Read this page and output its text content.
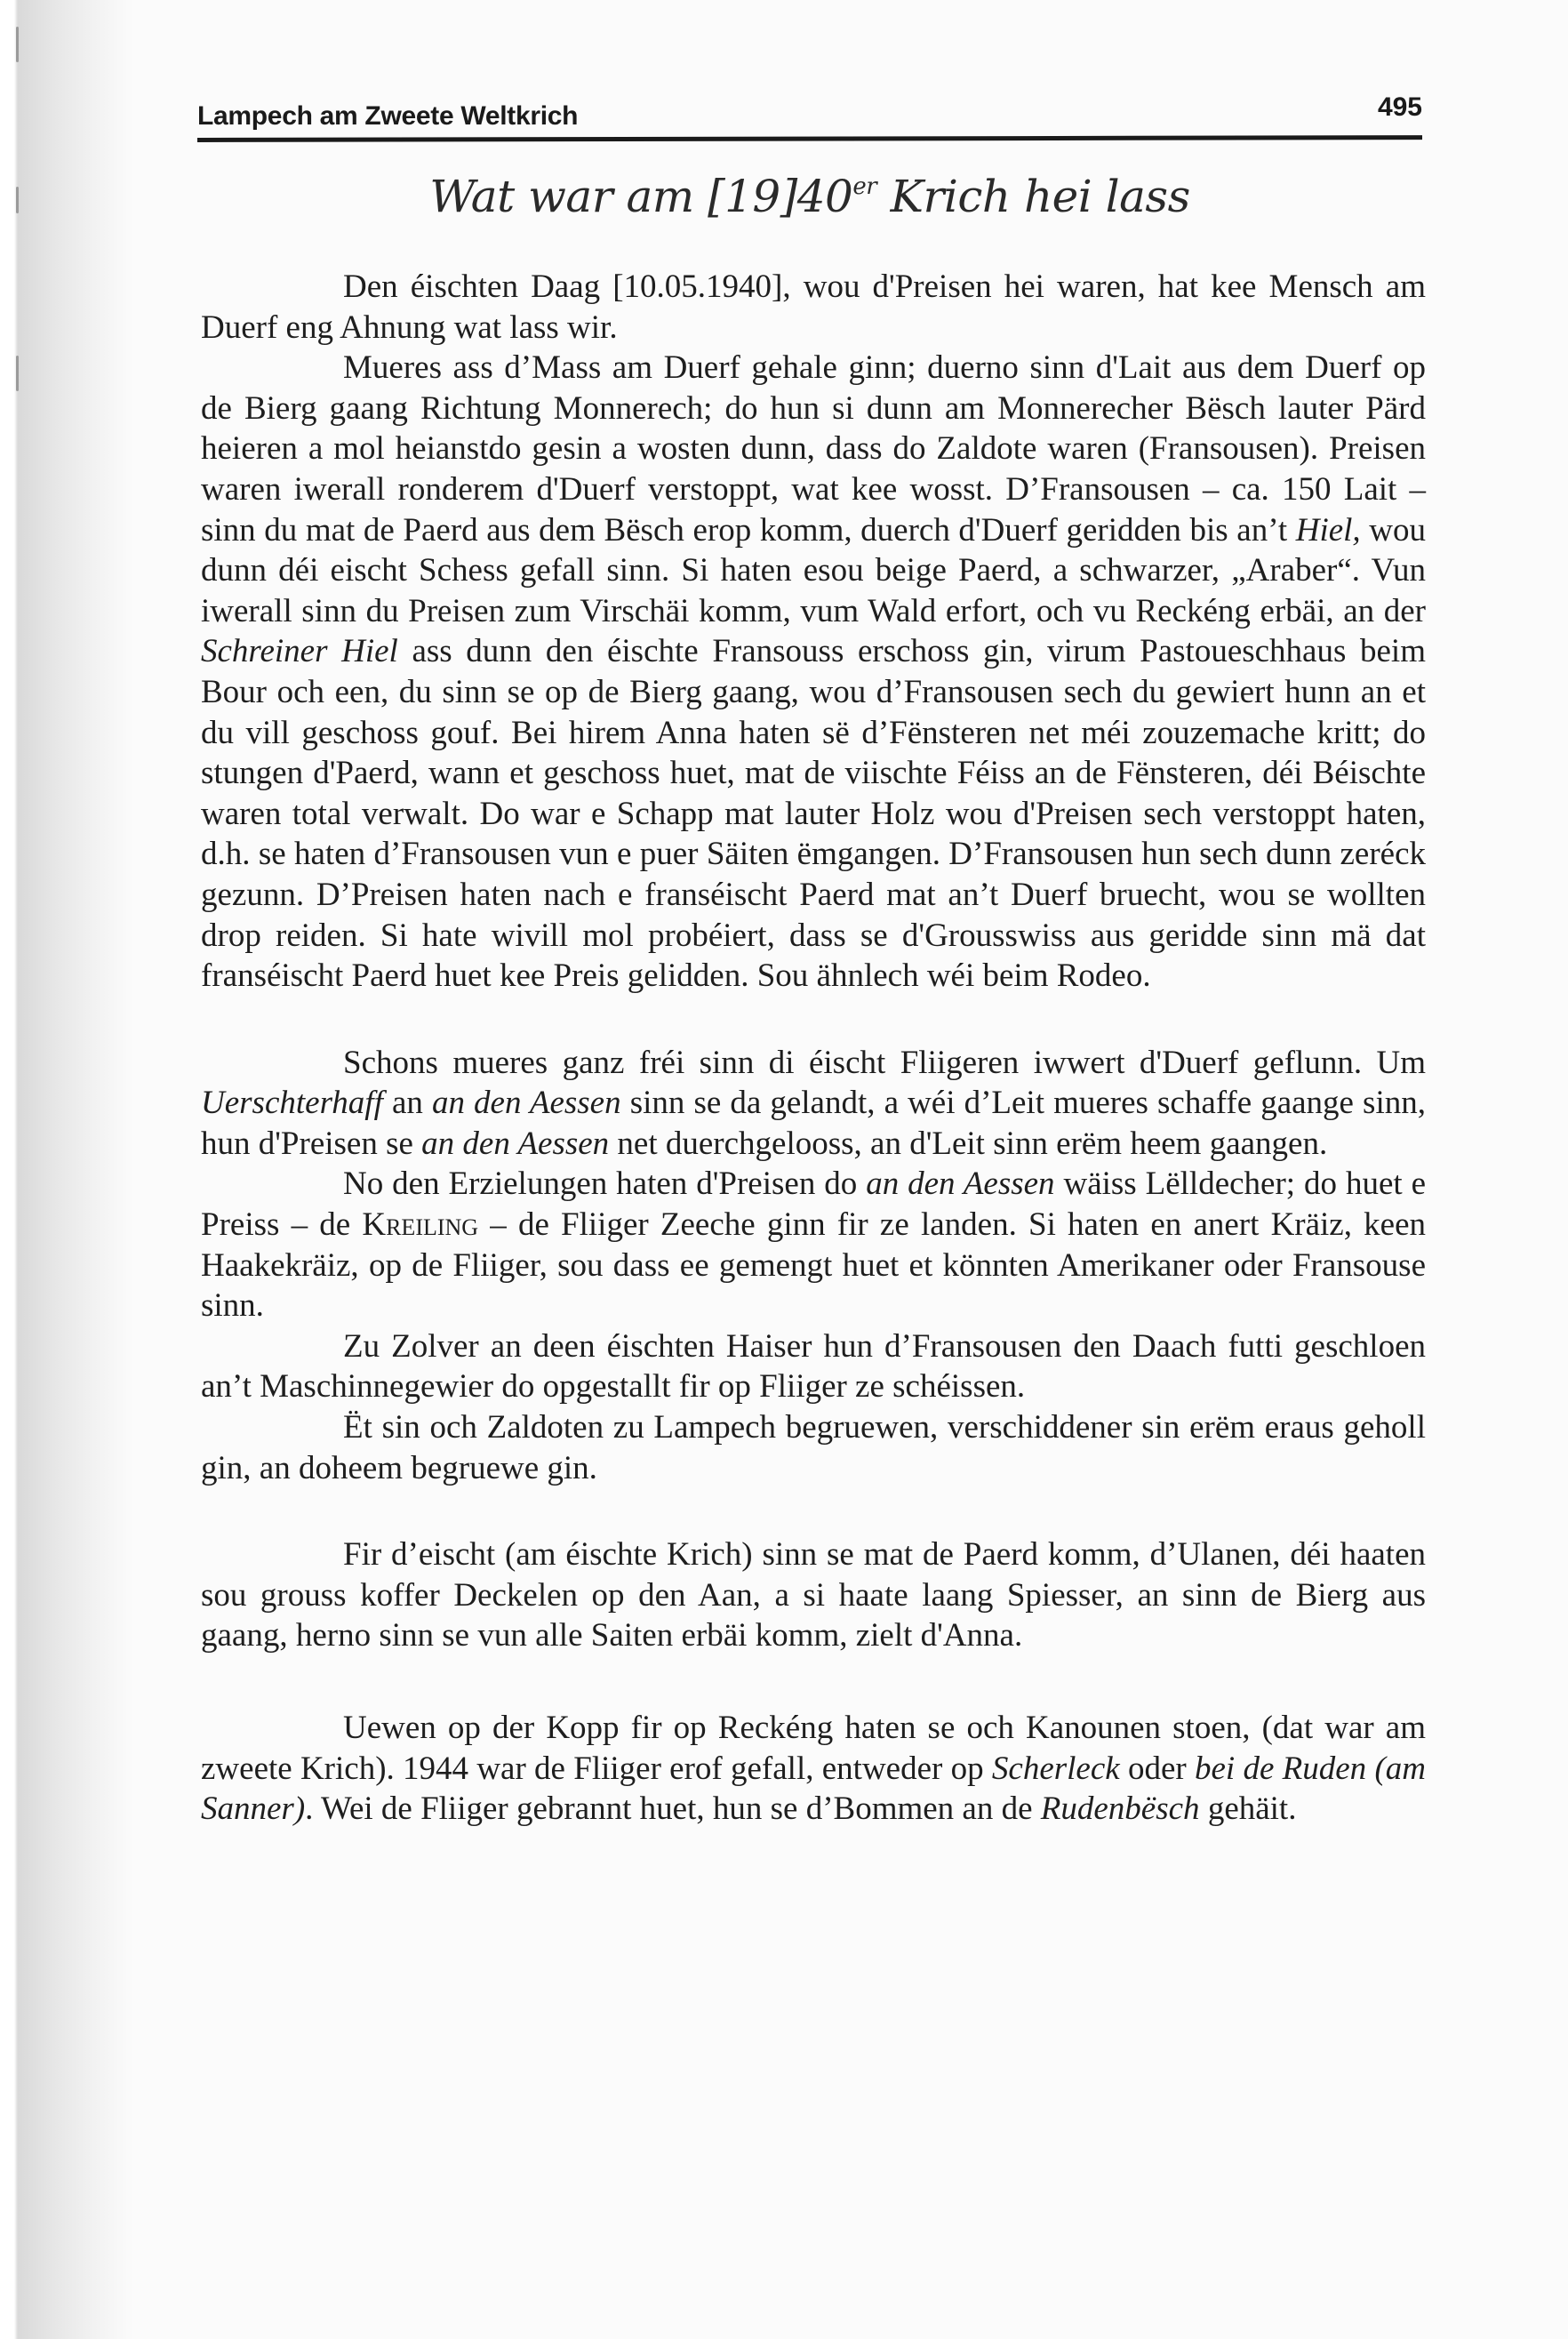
Lampech am Zweete Weltkrich	495
Wat war am [19]40er Krich hei lass

Den éischten Daag [10.05.1940], wou d'Preisen hei waren, hat kee Mensch am Duerf eng Ahnung wat lass wir.

Mueres ass d’Mass am Duerf gehale ginn; duerno sinn d'Lait aus dem Duerf op de Bierg gaang Richtung Monnerech; do hun si dunn am Monnerecher Bësch lauter Pärd heieren a mol heianstdo gesin a wosten dunn, dass do Zaldote waren (Fransousen). Preisen waren iwerall ronderem d'Duerf verstoppt, wat kee wosst. D’Fransousen – ca. 150 Lait – sinn du mat de Paerd aus dem Bësch erop komm, duerch d'Duerf geridden bis an’t Hiel, wou dunn déi eischt Schess gefall sinn. Si haten esou beige Paerd, a schwarzer, „Araber“. Vun iwerall sinn du Preisen zum Virschäi komm, vum Wald erfort, och vu Reckéng erbäi, an der Schreiner Hiel ass dunn den éischte Fransouss erschoss gin, virum Pastoueschhaus beim Bour och een, du sinn se op de Bierg gaang, wou d’Fransousen sech du gewiert hunn an et du vill geschoss gouf. Bei hirem Anna haten së d’Fënsteren net méi zouzemache kritt; do stungen d'Paerd, wann et geschoss huet, mat de viischte Féiss an de Fënsteren, déi Béischte waren total verwalt. Do war e Schapp mat lauter Holz wou d'Preisen sech verstoppt haten, d.h. se haten d’Fransousen vun e puer Säiten ëmgangen. D’Fransousen hun sech dunn zeréck gezunn. D’Preisen haten nach e franséischt Paerd mat an’t Duerf bruecht, wou se wollten drop reiden. Si hate wivill mol probéiert, dass se d'Grousswiss aus geridde sinn mä dat franséischt Paerd huet kee Preis gelidden. Sou ähnlech wéi beim Rodeo.

Schons mueres ganz fréi sinn di éischt Fliigeren iwwert d'Duerf geflunn. Um Uerschterhaff an an den Aessen sinn se da gelandt, a wéi d’Leit mueres schaffe gaange sinn, hun d'Preisen se an den Aessen net duerchgelooss, an d'Leit sinn erëm heem gaangen.

No den Erzielungen haten d'Preisen do an den Aessen wäiss Lëlldecher; do huet e Preiss – de Kreiling – de Fliiger Zeeche ginn fir ze landen. Si haten en anert Kräiz, keen Haakekräiz, op de Fliiger, sou dass ee gemengt huet et könnten Amerikaner oder Fransouse sinn.

Zu Zolver an deen éischten Haiser hun d’Fransousen den Daach futti geschloen an’t Maschinnegewier do opgestallt fir op Fliiger ze schéissen.

Ët sin och Zaldoten zu Lampech begruewen, verschiddener sin erëm eraus geholl gin, an doheem begruewe gin.

Fir d’eischt (am éischte Krich) sinn se mat de Paerd komm, d’Ulanen, déi haaten sou grouss koffer Deckelen op den Aan, a si haate laang Spiesser, an sinn de Bierg aus gaang, herno sinn se vun alle Saiten erbäi komm, zielt d'Anna.

Uewen op der Kopp fir op Reckéng haten se och Kanounen stoen, (dat war am zweete Krich). 1944 war de Fliiger erof gefall, entweder op Scherleck oder bei de Ruden (am Sanner). Wei de Fliiger gebrannt huet, hun se d’Bommen an de Rudenbësch gehäit.
